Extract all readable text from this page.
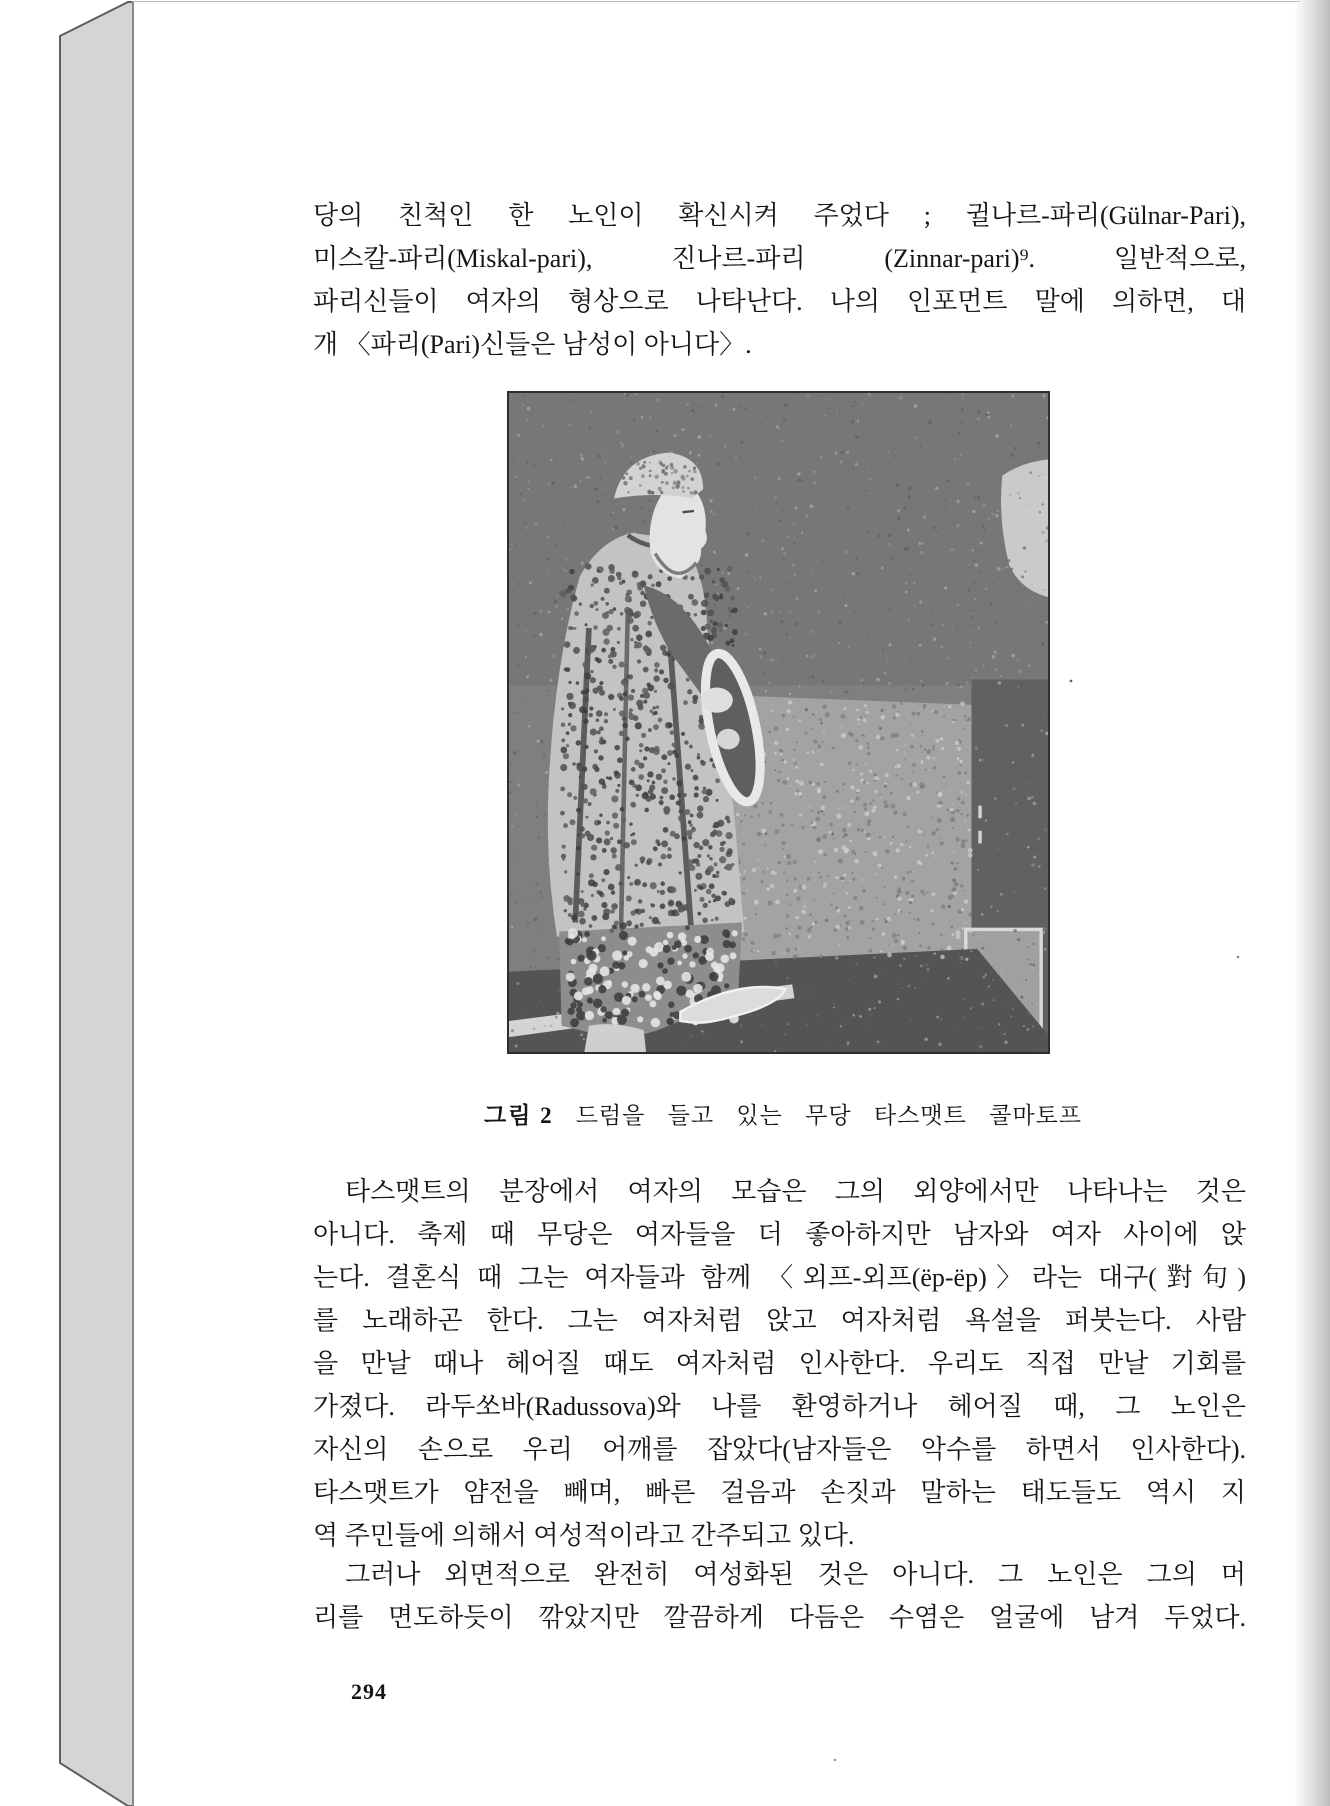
당의 친척인 한 노인이 확신시켜 주었다 ; 귈나르-파리(Gülnar-Pari),
미스칼-파리(Miskal-pari), 진나르-파리 (Zinnar-pari)⁹. 일반적으로,
파리신들이 여자의 형상으로 나타난다. 나의 인포먼트 말에 의하면, 대
개 〈파리(Pari)신들은 남성이 아니다〉.
그림 2 드럼을 들고 있는 무당 타스맷트 콜마토프
타스맷트의 분장에서 여자의 모습은 그의 외양에서만 나타나는 것은
아니다. 축제 때 무당은 여자들을 더 좋아하지만 남자와 여자 사이에 앉
는다. 결혼식 때 그는 여자들과 함께 〈외프-외프(ëp-ëp)〉라는 대구(對句)
를 노래하곤 한다. 그는 여자처럼 앉고 여자처럼 욕설을 퍼붓는다. 사람
을 만날 때나 헤어질 때도 여자처럼 인사한다. 우리도 직접 만날 기회를
가졌다. 라두쏘바(Radussova)와 나를 환영하거나 헤어질 때, 그 노인은
자신의 손으로 우리 어깨를 잡았다(남자들은 악수를 하면서 인사한다).
타스맷트가 얌전을 빼며, 빠른 걸음과 손짓과 말하는 태도들도 역시 지
역 주민들에 의해서 여성적이라고 간주되고 있다.
그러나 외면적으로 완전히 여성화된 것은 아니다. 그 노인은 그의 머
리를 면도하듯이 깎았지만 깔끔하게 다듬은 수염은 얼굴에 남겨 두었다.
294
